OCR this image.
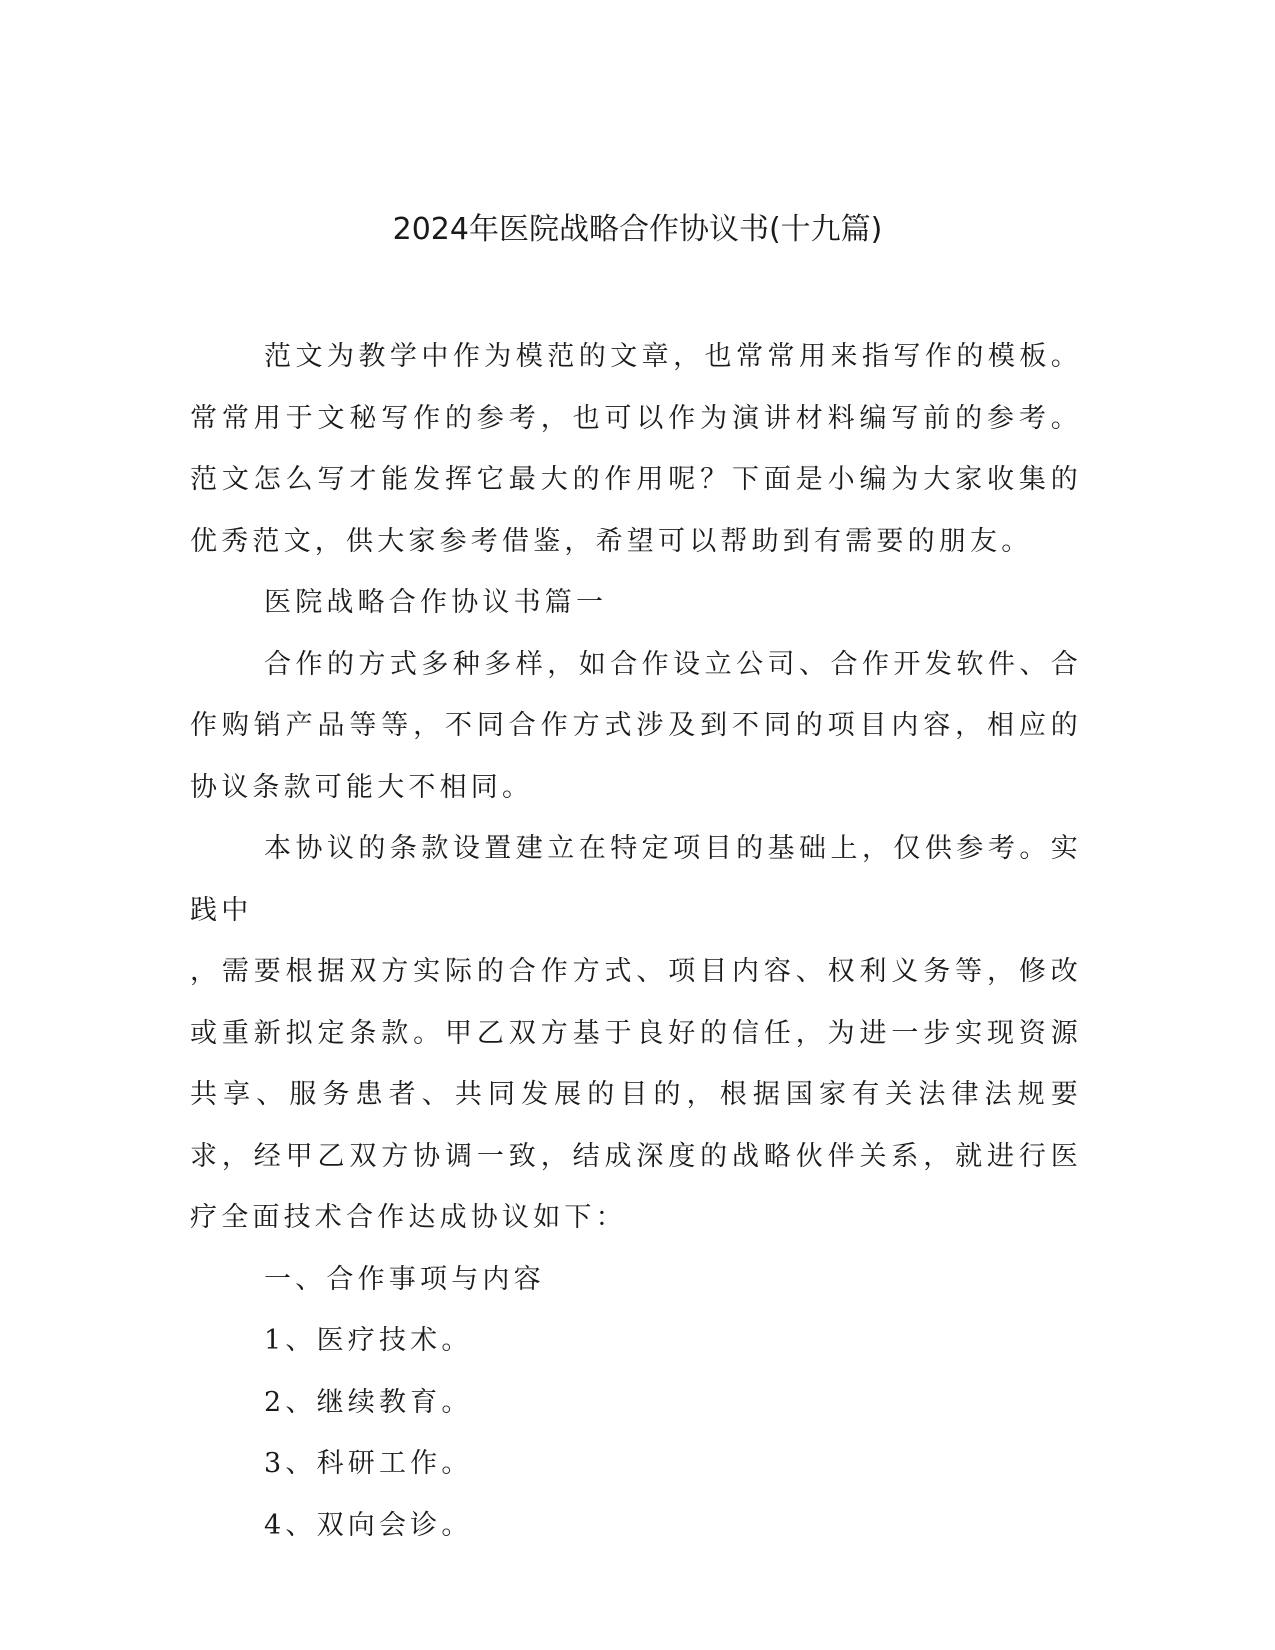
2024年医院战略合作协议书(十九篇)

范文为教学中作为模范的文章，也常常用来指写作的模板。常常用于文秘写作的参考，也可以作为演讲材料编写前的参考。范文怎么写才能发挥它最大的作用呢？下面是小编为大家收集的优秀范文，供大家参考借鉴，希望可以帮助到有需要的朋友。

医院战略合作协议书篇一

合作的方式多种多样，如合作设立公司、合作开发软件、合作购销产品等等，不同合作方式涉及到不同的项目内容，相应的协议条款可能大不相同。

本协议的条款设置建立在特定项目的基础上，仅供参考。实践中

，需要根据双方实际的合作方式、项目内容、权利义务等，修改或重新拟定条款。甲乙双方基于良好的信任，为进一步实现资源共享、服务患者、共同发展的目的，根据国家有关法律法规要求，经甲乙双方协调一致，结成深度的战略伙伴关系，就进行医疗全面技术合作达成协议如下：

一、合作事项与内容

1、医疗技术。

2、继续教育。

3、科研工作。

4、双向会诊。
